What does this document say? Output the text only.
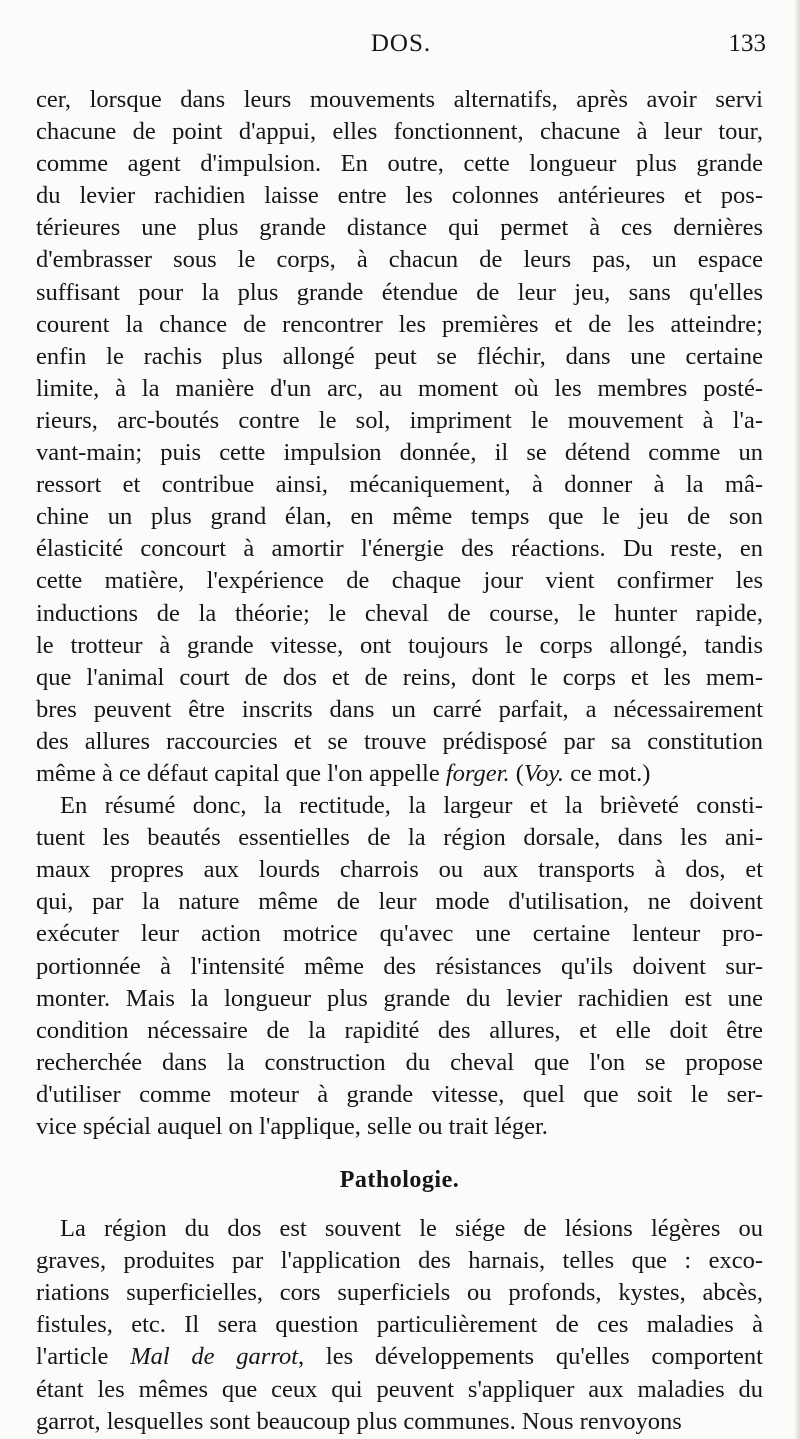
DOS.	133
cer, lorsque dans leurs mouvements alternatifs, après avoir servi
chacune de point d'appui, elles fonctionnent, chacune à leur tour,
comme agent d'impulsion. En outre, cette longueur plus grande
du levier rachidien laisse entre les colonnes antérieures et pos-
térieures une plus grande distance qui permet à ces dernières
d'embrasser sous le corps, à chacun de leurs pas, un espace
suffisant pour la plus grande étendue de leur jeu, sans qu'elles
courent la chance de rencontrer les premières et de les atteindre;
enfin le rachis plus allongé peut se fléchir, dans une certaine
limite, à la manière d'un arc, au moment où les membres posté-
rieurs, arc-boutés contre le sol, impriment le mouvement à l'a-
vant-main; puis cette impulsion donnée, il se détend comme un
ressort et contribue ainsi, mécaniquement, à donner à la mâ-
chine un plus grand élan, en même temps que le jeu de son
élasticité concourt à amortir l'énergie des réactions. Du reste, en
cette matière, l'expérience de chaque jour vient confirmer les
inductions de la théorie; le cheval de course, le hunter rapide,
le trotteur à grande vitesse, ont toujours le corps allongé, tandis
que l'animal court de dos et de reins, dont le corps et les mem-
bres peuvent être inscrits dans un carré parfait, a nécessairement
des allures raccourcies et se trouve prédisposé par sa constitution
même à ce défaut capital que l'on appelle forger. (Voy. ce mot.)
En résumé donc, la rectitude, la largeur et la brièveté consti-
tuent les beautés essentielles de la région dorsale, dans les ani-
maux propres aux lourds charrois ou aux transports à dos, et
qui, par la nature même de leur mode d'utilisation, ne doivent
exécuter leur action motrice qu'avec une certaine lenteur pro-
portionnée à l'intensité même des résistances qu'ils doivent sur-
monter. Mais la longueur plus grande du levier rachidien est une
condition nécessaire de la rapidité des allures, et elle doit être
recherchée dans la construction du cheval que l'on se propose
d'utiliser comme moteur à grande vitesse, quel que soit le ser-
vice spécial auquel on l'applique, selle ou trait léger.
Pathologie.
La région du dos est souvent le siége de lésions légères ou
graves, produites par l'application des harnais, telles que : exco-
riations superficielles, cors superficiels ou profonds, kystes, abcès,
fistules, etc. Il sera question particulièrement de ces maladies à
l'article Mal de garrot, les développements qu'elles comportent
étant les mêmes que ceux qui peuvent s'appliquer aux maladies du
garrot, lesquelles sont beaucoup plus communes. Nous renvoyons
